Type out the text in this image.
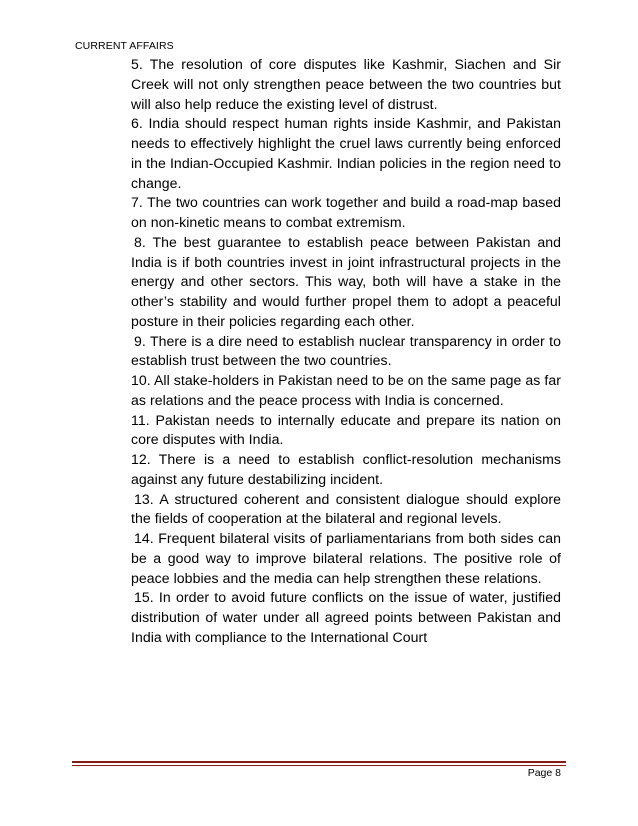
CURRENT AFFAIRS

5. The resolution of core disputes like Kashmir, Siachen and Sir Creek will not only strengthen peace between the two countries but will also help reduce the existing level of distrust.

6. India should respect human rights inside Kashmir, and Pakistan needs to effectively highlight the cruel laws currently being enforced in the Indian-Occupied Kashmir. Indian policies in the region need to change.

7. The two countries can work together and build a road-map based on non-kinetic means to combat extremism.

8. The best guarantee to establish peace between Pakistan and India is if both countries invest in joint infrastructural projects in the energy and other sectors. This way, both will have a stake in the other’s stability and would further propel them to adopt a peaceful posture in their policies regarding each other.

9. There is a dire need to establish nuclear transparency in order to establish trust between the two countries.

10. All stake-holders in Pakistan need to be on the same page as far as relations and the peace process with India is concerned.

11. Pakistan needs to internally educate and prepare its nation on core disputes with India.

12. There is a need to establish conflict-resolution mechanisms against any future destabilizing incident.

13. A structured coherent and consistent dialogue should explore the fields of cooperation at the bilateral and regional levels.

14. Frequent bilateral visits of parliamentarians from both sides can be a good way to improve bilateral relations. The positive role of peace lobbies and the media can help strengthen these relations.

15. In order to avoid future conflicts on the issue of water, justified distribution of water under all agreed points between Pakistan and India with compliance to the International Court

Page 8
